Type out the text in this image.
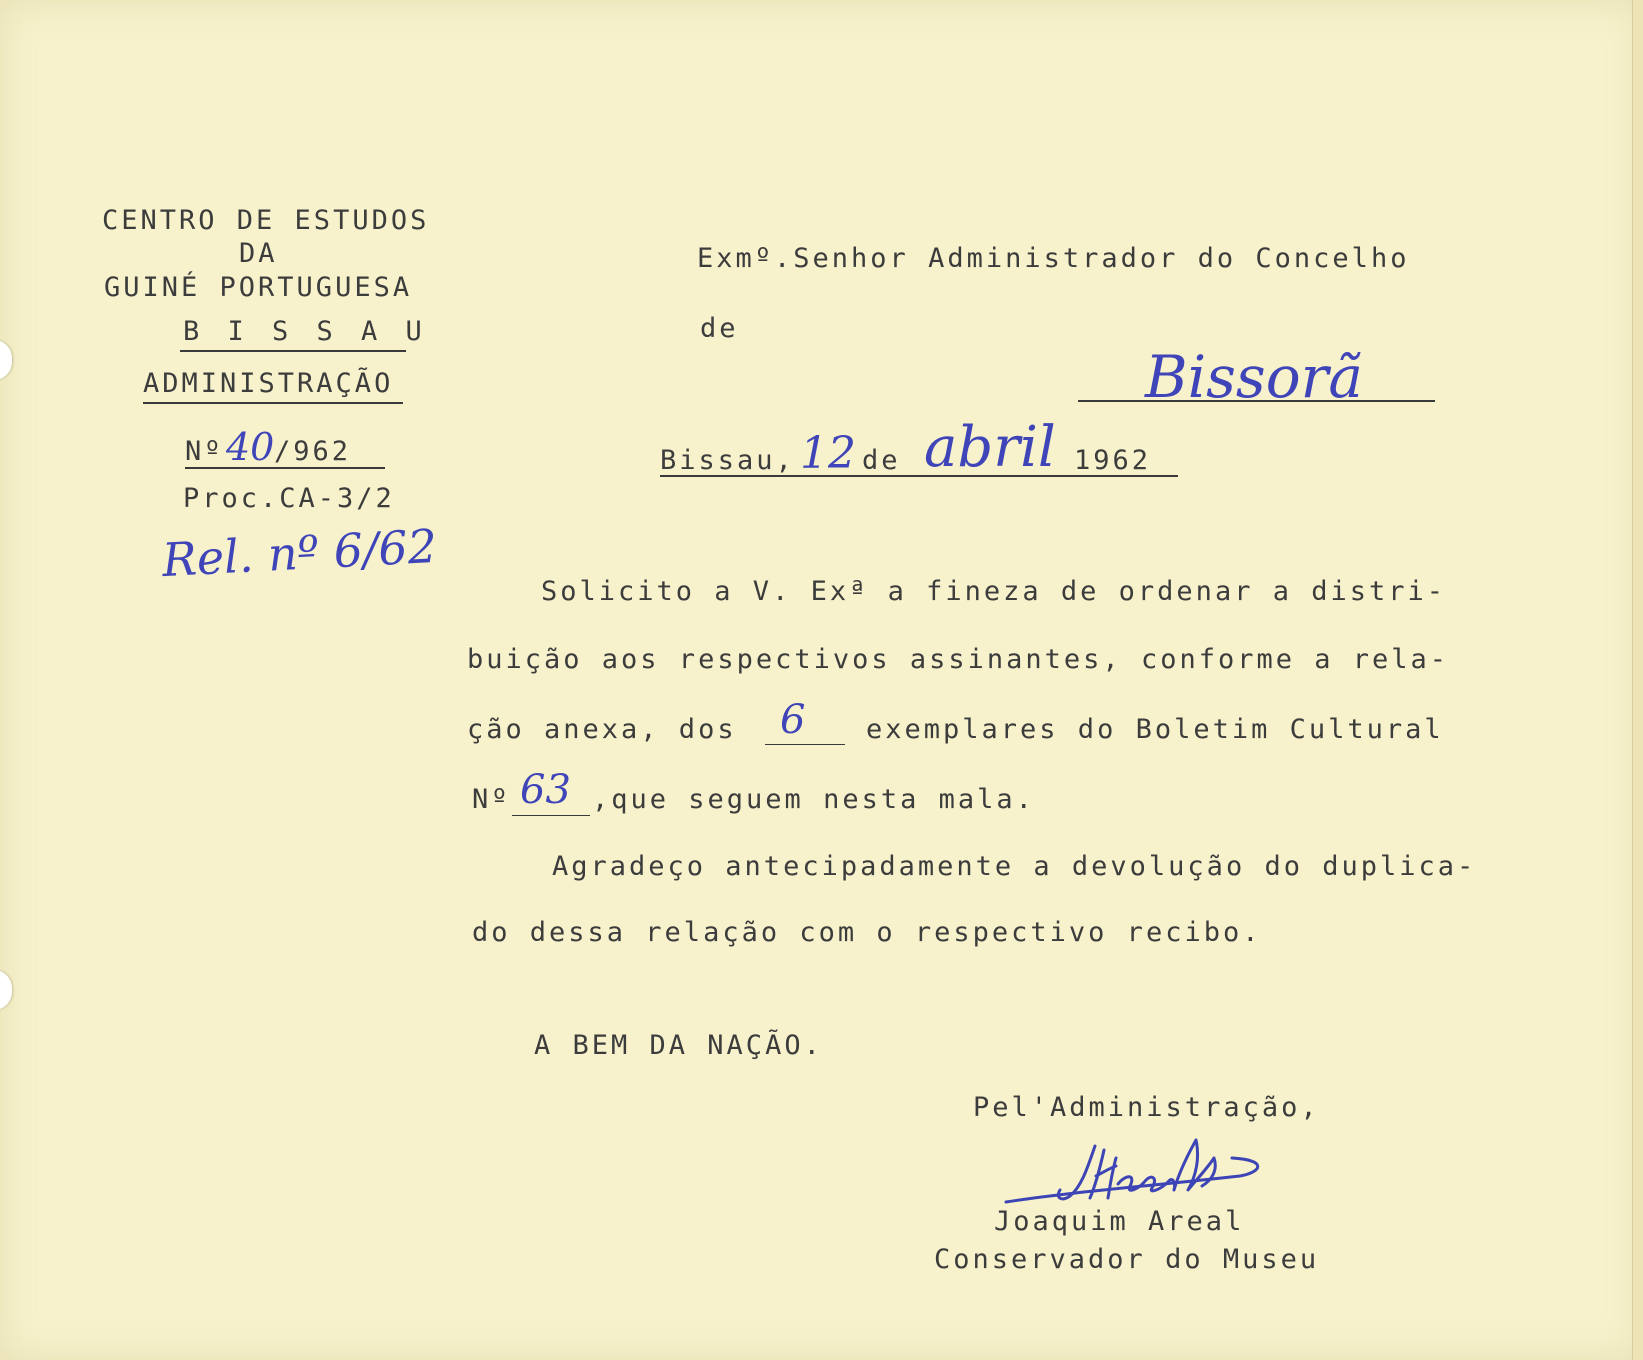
CENTRO DE ESTUDOS
DA
GUINÉ PORTUGUESA
B I S S A U
ADMINISTRAÇÃO
Nº 40 /962
Proc.CA-3/2
Rel. nº 6/62
Exmº.Senhor Administrador do Concelho
de
Bissorã
Bissau, 12 de abril 1962
Solicito a V. Exª a fineza de ordenar a distri-
buição aos respectivos assinantes, conforme a rela-
ção anexa, dos 6 exemplares do Boletim Cultural
Nº 63 ,que seguem nesta mala.
Agradeço antecipadamente a devolução do duplica-
do dessa relação com o respectivo recibo.
A BEM DA NAÇÃO.
Pel'Administração,
Joaquim Areal
Conservador do Museu
